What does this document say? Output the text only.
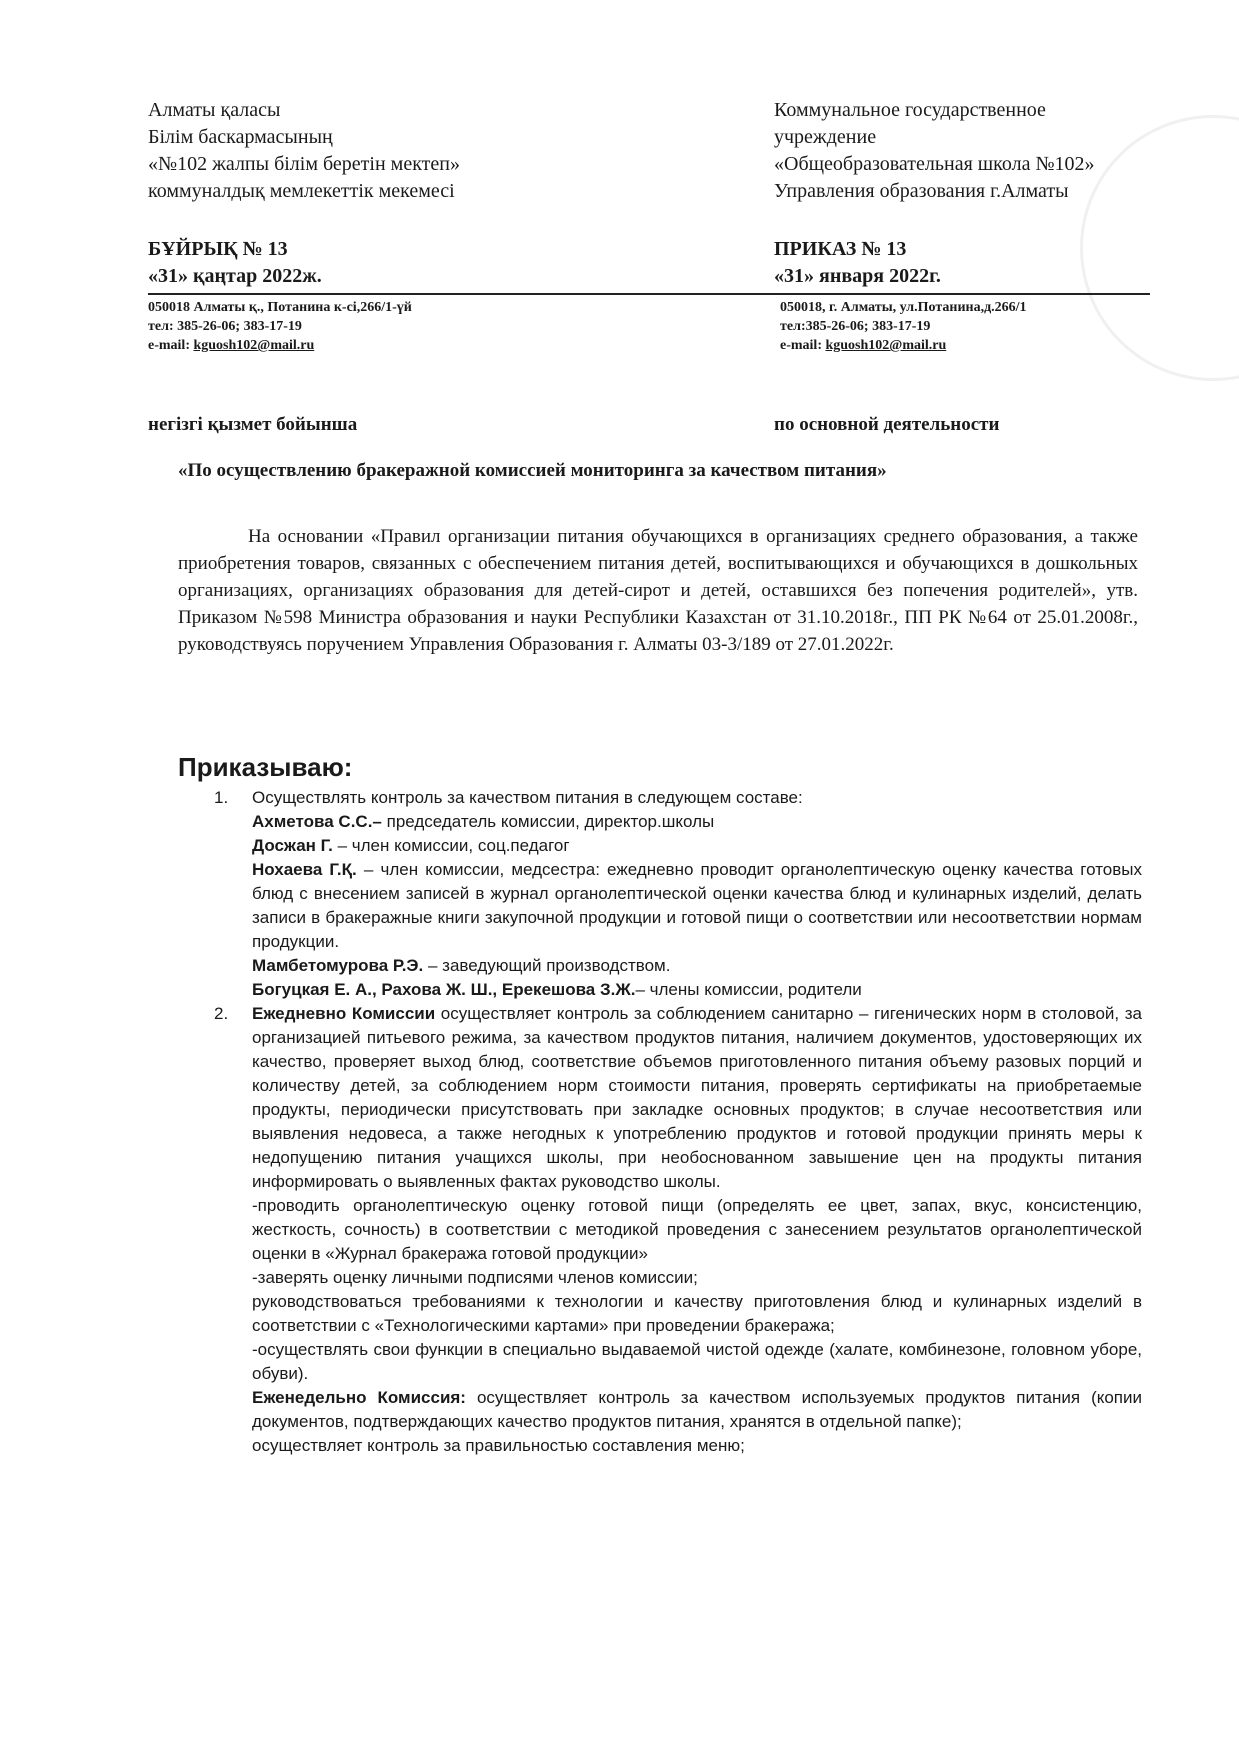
Алматы қаласы
Білім баскармасының
«№102 жалпы білім беретін мектеп»
коммуналдық мемлекеттік мекемесі
Коммунальное государственное
учреждение
«Общеобразовательная школа №102»
Управления образования г.Алматы
БҰЙРЫҚ № 13
«31» қаңтар 2022ж.
ПРИКАЗ № 13
«31» января 2022г.
050018 Алматы қ., Потанина к-сі,266/1-үй
тел: 385-26-06; 383-17-19
e-mail: kguosh102@mail.ru
050018, г. Алматы, ул.Потанина,д.266/1
тел:385-26-06; 383-17-19
e-mail: kguosh102@mail.ru
негізгі қызмет бойынша	по основной деятельности
«По осуществлению бракеражной комиссией мониторинга за качеством питания»
На основании «Правил организации питания обучающихся в организациях среднего образования, а также приобретения товаров, связанных с обеспечением питания детей, воспитывающихся и обучающихся в дошкольных организациях, организациях образования для детей-сирот и детей, оставшихся без попечения родителей», утв. Приказом №598 Министра образования и науки Республики Казахстан от 31.10.2018г., ПП РК №64 от 25.01.2008г., руководствуясь поручением Управления Образования г. Алматы 03-3/189 от 27.01.2022г.
Приказываю:

1. Осуществлять контроль за качеством питания в следующем составе:

Ахметова С.С.– председатель комиссии, директор.школы

Досжан Г. – член комиссии, соц.педагог

Нохаева Г.Қ. – член комиссии, медсестра: ежедневно проводит органолептическую оценку качества готовых блюд с внесением записей в журнал органолептической оценки качества блюд и кулинарных изделий, делать записи в бракеражные книги закупочной продукции и готовой пищи о соответствии или несоответствии нормам продукции.

Мамбетомурова Р.Э. – заведующий производством.

Богуцкая Е. А., Рахова Ж. Ш., Ерекешова З.Ж.– члены комиссии, родители

2. Ежедневно Комиссии осуществляет контроль за соблюдением санитарно – гигенических норм в столовой, за организацией питьевого режима, за качеством продуктов питания, наличием документов, удостоверяющих их качество, проверяет выход блюд, соответствие объемов приготовленного питания объему разовых порций и количеству детей, за соблюдением норм стоимости питания, проверять сертификаты на приобретаемые продукты, периодически присутствовать при закладке основных продуктов; в случае несоответствия или выявления недовеса, а также негодных к употреблению продуктов и готовой продукции принять меры к недопущению питания учащихся школы, при необоснованном завышение цен на продукты питания информировать о выявленных фактах руководство школы.

-проводить органолептическую оценку готовой пищи (определять ее цвет, запах, вкус, консистенцию, жесткость, сочность) в соответствии с методикой проведения с занесением результатов органолептической оценки в «Журнал бракеража готовой продукции»

-заверять оценку личными подписями членов комиссии;

руководствоваться требованиями к технологии и качеству приготовления блюд и кулинарных изделий в соответствии с «Технологическими картами» при проведении бракеража;

-осуществлять свои функции в специально выдаваемой чистой одежде (халате, комбинезоне, головном уборе, обуви).

Еженедельно Комиссия: осуществляет контроль за качеством используемых продуктов питания (копии документов, подтверждающих качество продуктов питания, хранятся в отдельной папке);

осуществляет контроль за правильностью составления меню;
